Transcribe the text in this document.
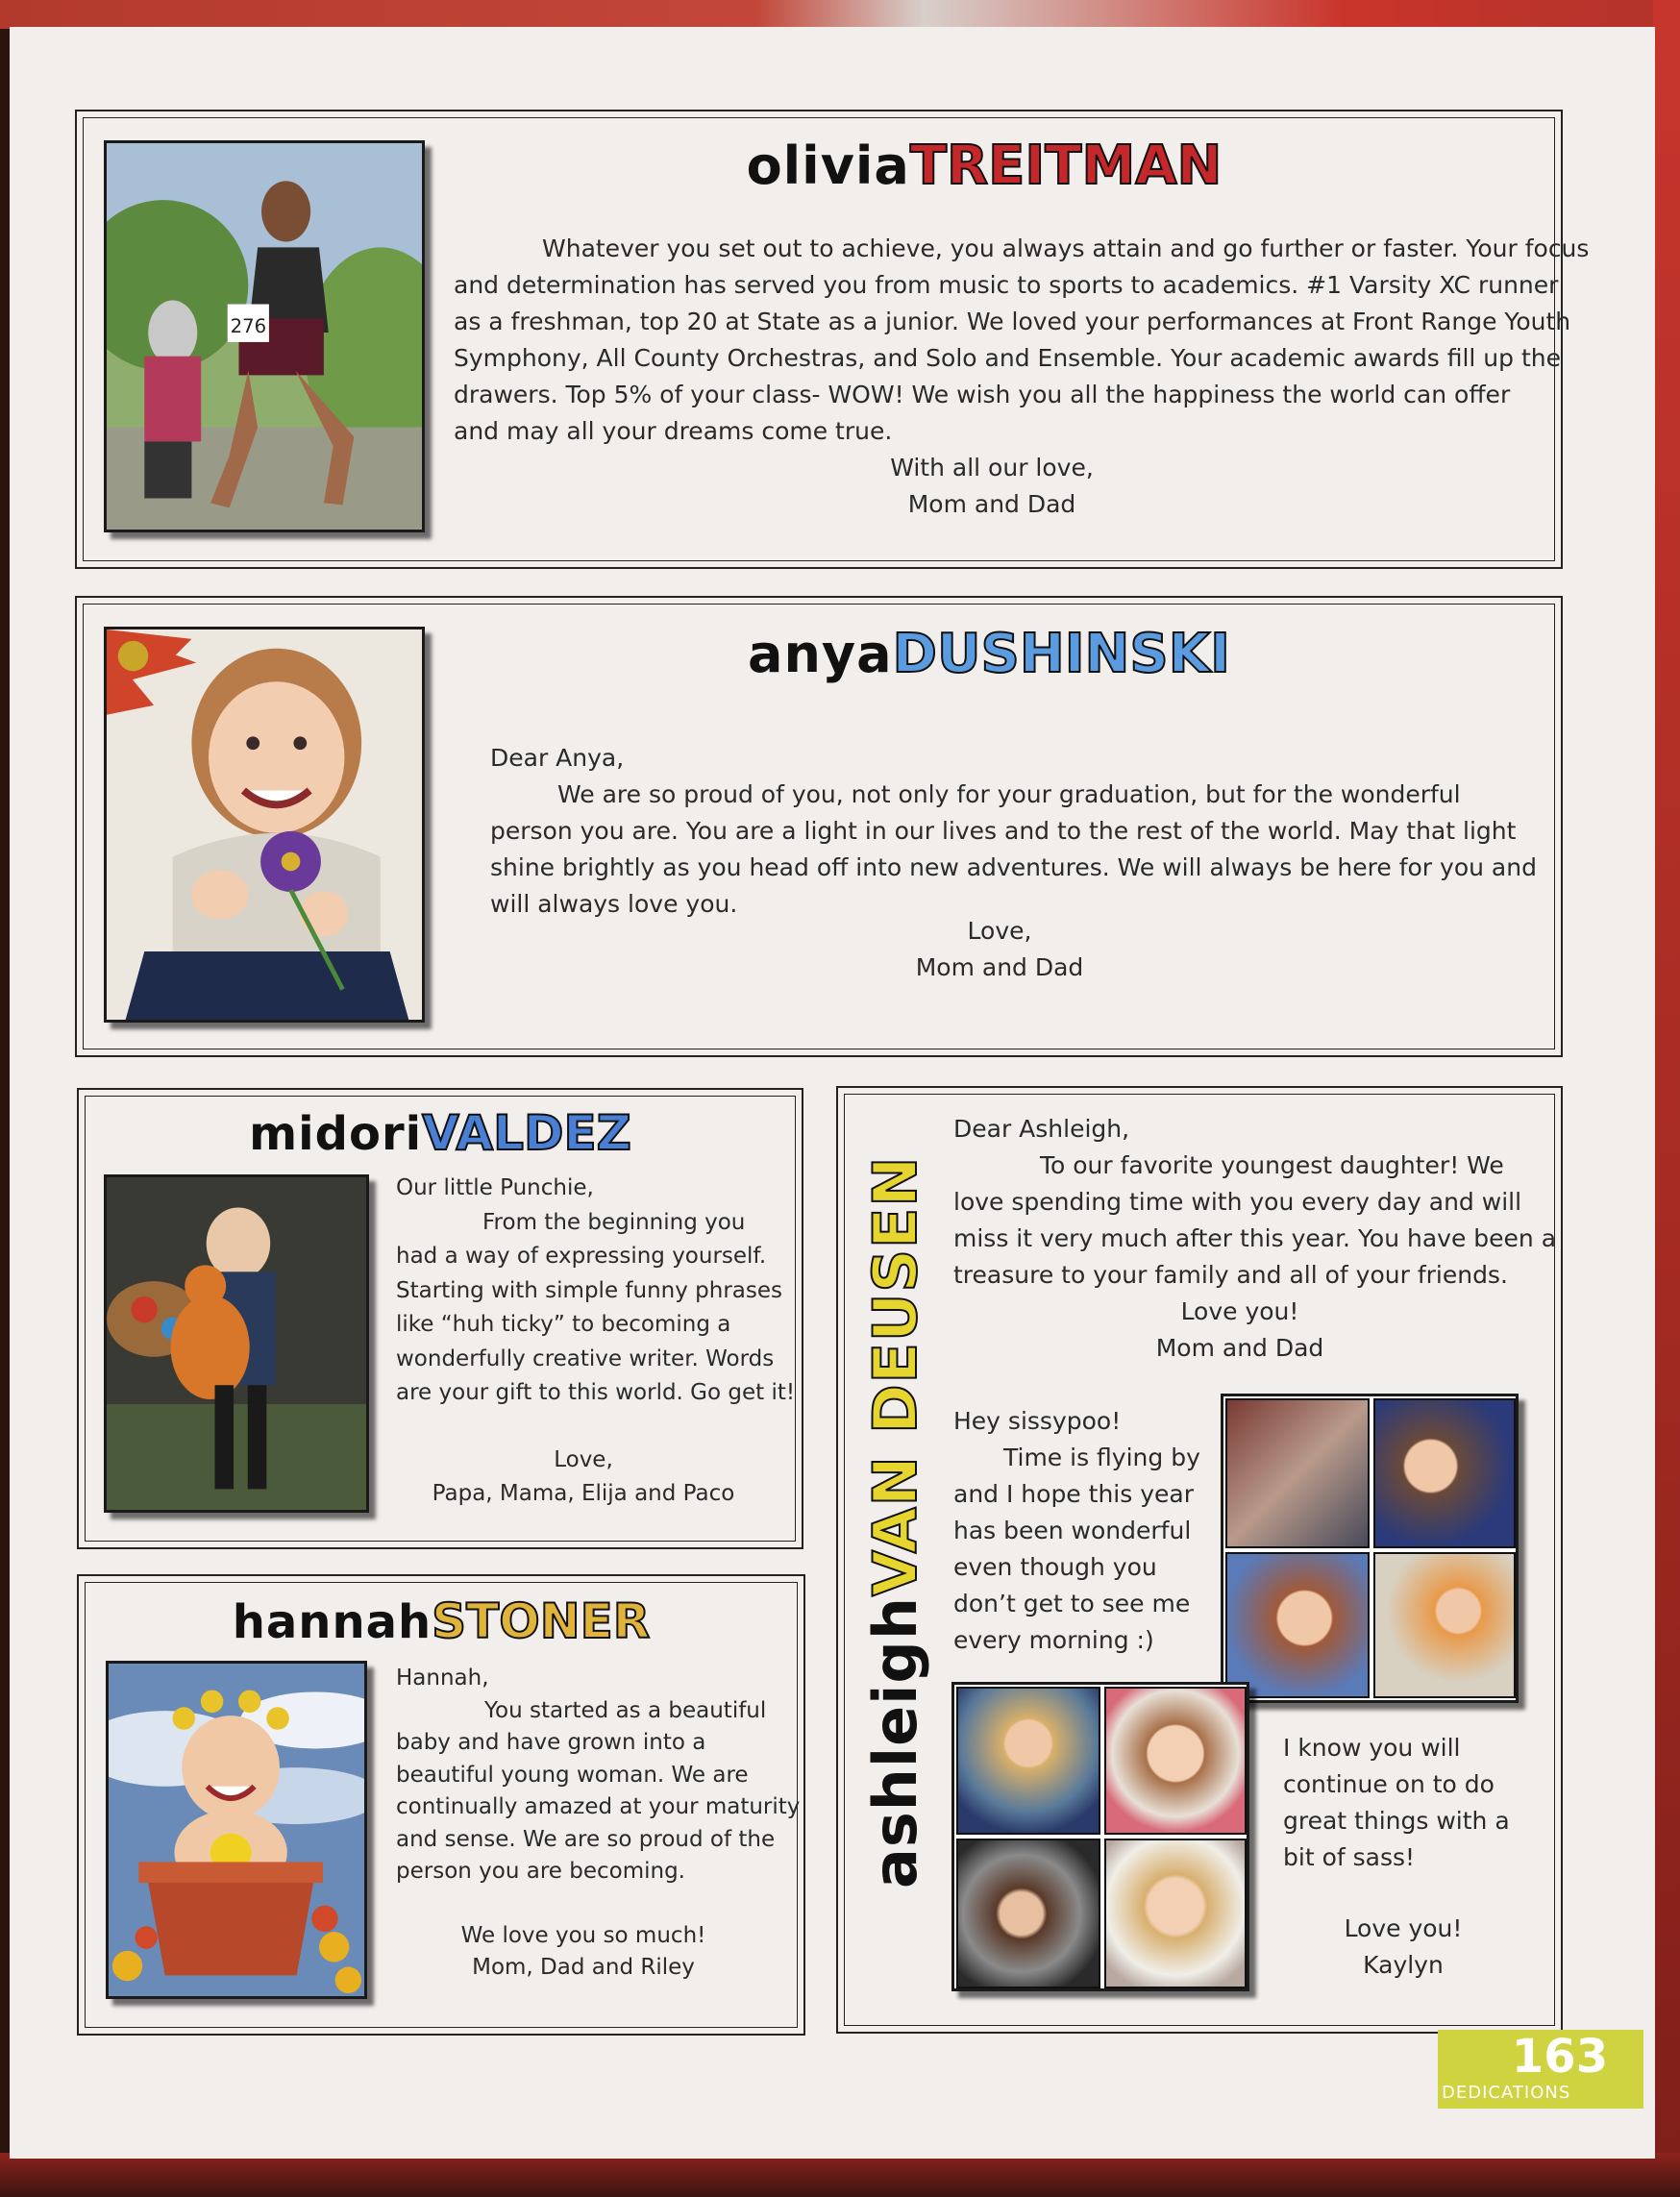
276
oliviaTREITMAN
Whatever you set out to achieve, you always attain and go further or faster. Your focus
and determination has served you from music to sports to academics. #1 Varsity XC runner
as a freshman, top 20 at State as a junior. We loved your performances at Front Range Youth
Symphony, All County Orchestras, and Solo and Ensemble. Your academic awards fill up the
drawers. Top 5% of your class- WOW! We wish you all the happiness the world can offer
and may all your dreams come true.
With all our love,
Mom and Dad
anyaDUSHINSKI
Dear Anya,
We are so proud of you, not only for your graduation, but for the wonderful
person you are. You are a light in our lives and to the rest of the world. May that light
shine brightly as you head off into new adventures. We will always be here for you and
will always love you.
Love,
Mom and Dad
midoriVALDEZ
Our little Punchie,
From the beginning you
had a way of expressing yourself.
Starting with simple funny phrases
like “huh ticky” to becoming a
wonderfully creative writer. Words
are your gift to this world. Go get it!
Love,
Papa, Mama, Elija and Paco
hannahSTONER
Hannah,
You started as a beautiful
baby and have grown into a
beautiful young woman. We are
continually amazed at your maturity
and sense. We are so proud of the
person you are becoming.
We love you so much!
Mom, Dad and Riley
ashleighVAN DEUSEN
Dear Ashleigh,
To our favorite youngest daughter! We
love spending time with you every day and will
miss it very much after this year. You have been a
treasure to your family and all of your friends.
Love you!
Mom and Dad
Hey sissypoo!
Time is flying by
and I hope this year
has been wonderful
even though you
don’t get to see me
every morning :)
I know you will
continue on to do
great things with a
bit of sass!
Love you!
Kaylyn
163
DEDICATIONS
